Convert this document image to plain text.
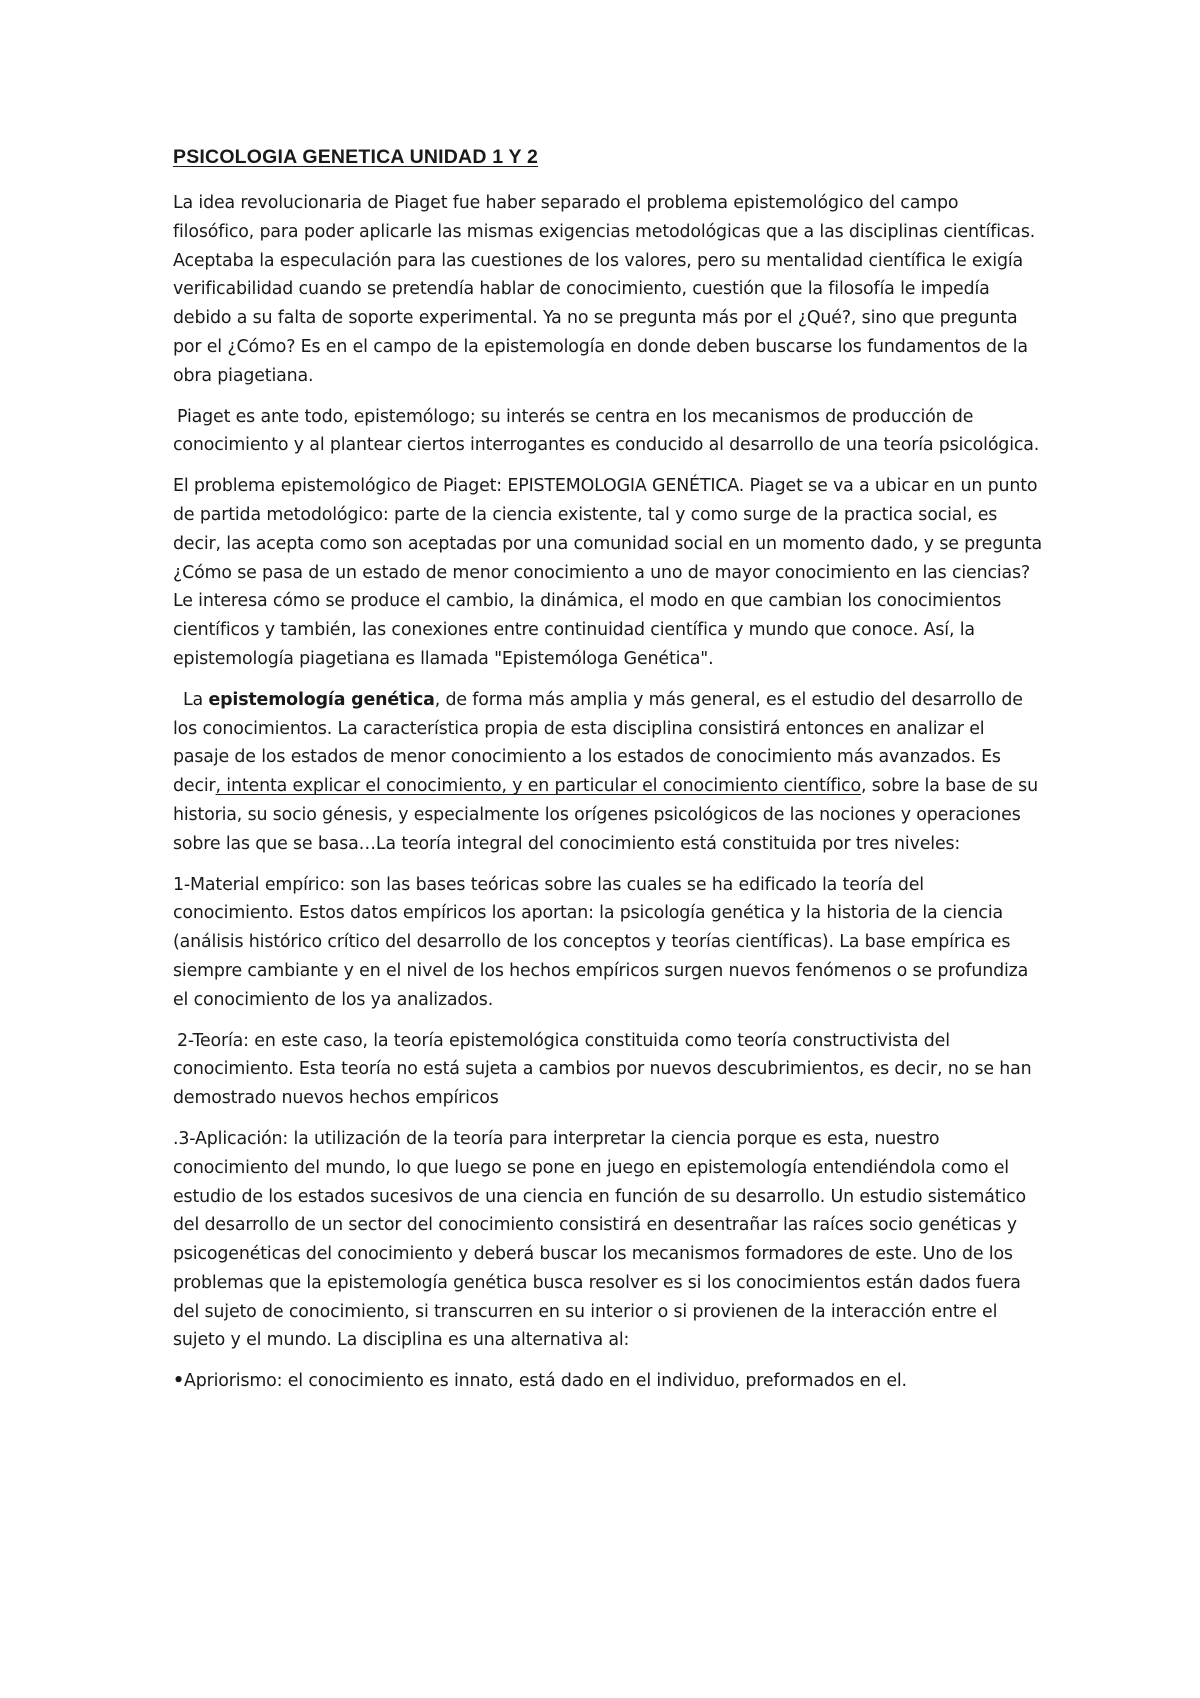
PSICOLOGIA GENETICA UNIDAD 1 Y 2

La idea revolucionaria de Piaget fue haber separado el problema epistemológico del campo filosófico, para poder aplicarle las mismas exigencias metodológicas que a las disciplinas científicas. Aceptaba la especulación para las cuestiones de los valores, pero su mentalidad científica le exigía verificabilidad cuando se pretendía hablar de conocimiento, cuestión que la filosofía le impedía debido a su falta de soporte experimental. Ya no se pregunta más por el ¿Qué?, sino que pregunta por el ¿Cómo? Es en el campo de la epistemología en donde deben buscarse los fundamentos de la obra piagetiana.

Piaget es ante todo, epistemólogo; su interés se centra en los mecanismos de producción de conocimiento y al plantear ciertos interrogantes es conducido al desarrollo de una teoría psicológica.

El problema epistemológico de Piaget: EPISTEMOLOGIA GENÉTICA. Piaget se va a ubicar en un punto de partida metodológico: parte de la ciencia existente, tal y como surge de la practica social, es decir, las acepta como son aceptadas por una comunidad social en un momento dado, y se pregunta ¿Cómo se pasa de un estado de menor conocimiento a uno de mayor conocimiento en las ciencias? Le interesa cómo se produce el cambio, la dinámica, el modo en que cambian los conocimientos científicos y también, las conexiones entre continuidad científica y mundo que conoce. Así, la epistemología piagetiana es llamada "Epistemóloga Genética".

La epistemología genética, de forma más amplia y más general, es el estudio del desarrollo de los conocimientos. La característica propia de esta disciplina consistirá entonces en analizar el pasaje de los estados de menor conocimiento a los estados de conocimiento más avanzados. Es decir, intenta explicar el conocimiento, y en particular el conocimiento científico, sobre la base de su historia, su socio génesis, y especialmente los orígenes psicológicos de las nociones y operaciones sobre las que se basa…La teoría integral del conocimiento está constituida por tres niveles:

1-Material empírico: son las bases teóricas sobre las cuales se ha edificado la teoría del conocimiento. Estos datos empíricos los aportan: la psicología genética y la historia de la ciencia (análisis histórico crítico del desarrollo de los conceptos y teorías científicas). La base empírica es siempre cambiante y en el nivel de los hechos empíricos surgen nuevos fenómenos o se profundiza el conocimiento de los ya analizados.

2-Teoría: en este caso, la teoría epistemológica constituida como teoría constructivista del conocimiento. Esta teoría no está sujeta a cambios por nuevos descubrimientos, es decir, no se han demostrado nuevos hechos empíricos

.3-Aplicación: la utilización de la teoría para interpretar la ciencia porque es esta, nuestro conocimiento del mundo, lo que luego se pone en juego en epistemología entendiéndola como el estudio de los estados sucesivos de una ciencia en función de su desarrollo. Un estudio sistemático del desarrollo de un sector del conocimiento consistirá en desentrañar las raíces socio genéticas y psicogenéticas del conocimiento y deberá buscar los mecanismos formadores de este. Uno de los problemas que la epistemología genética busca resolver es si los conocimientos están dados fuera del sujeto de conocimiento, si transcurren en su interior o si provienen de la interacción entre el sujeto y el mundo. La disciplina es una alternativa al:

•Apriorismo: el conocimiento es innato, está dado en el individuo, preformados en el.
